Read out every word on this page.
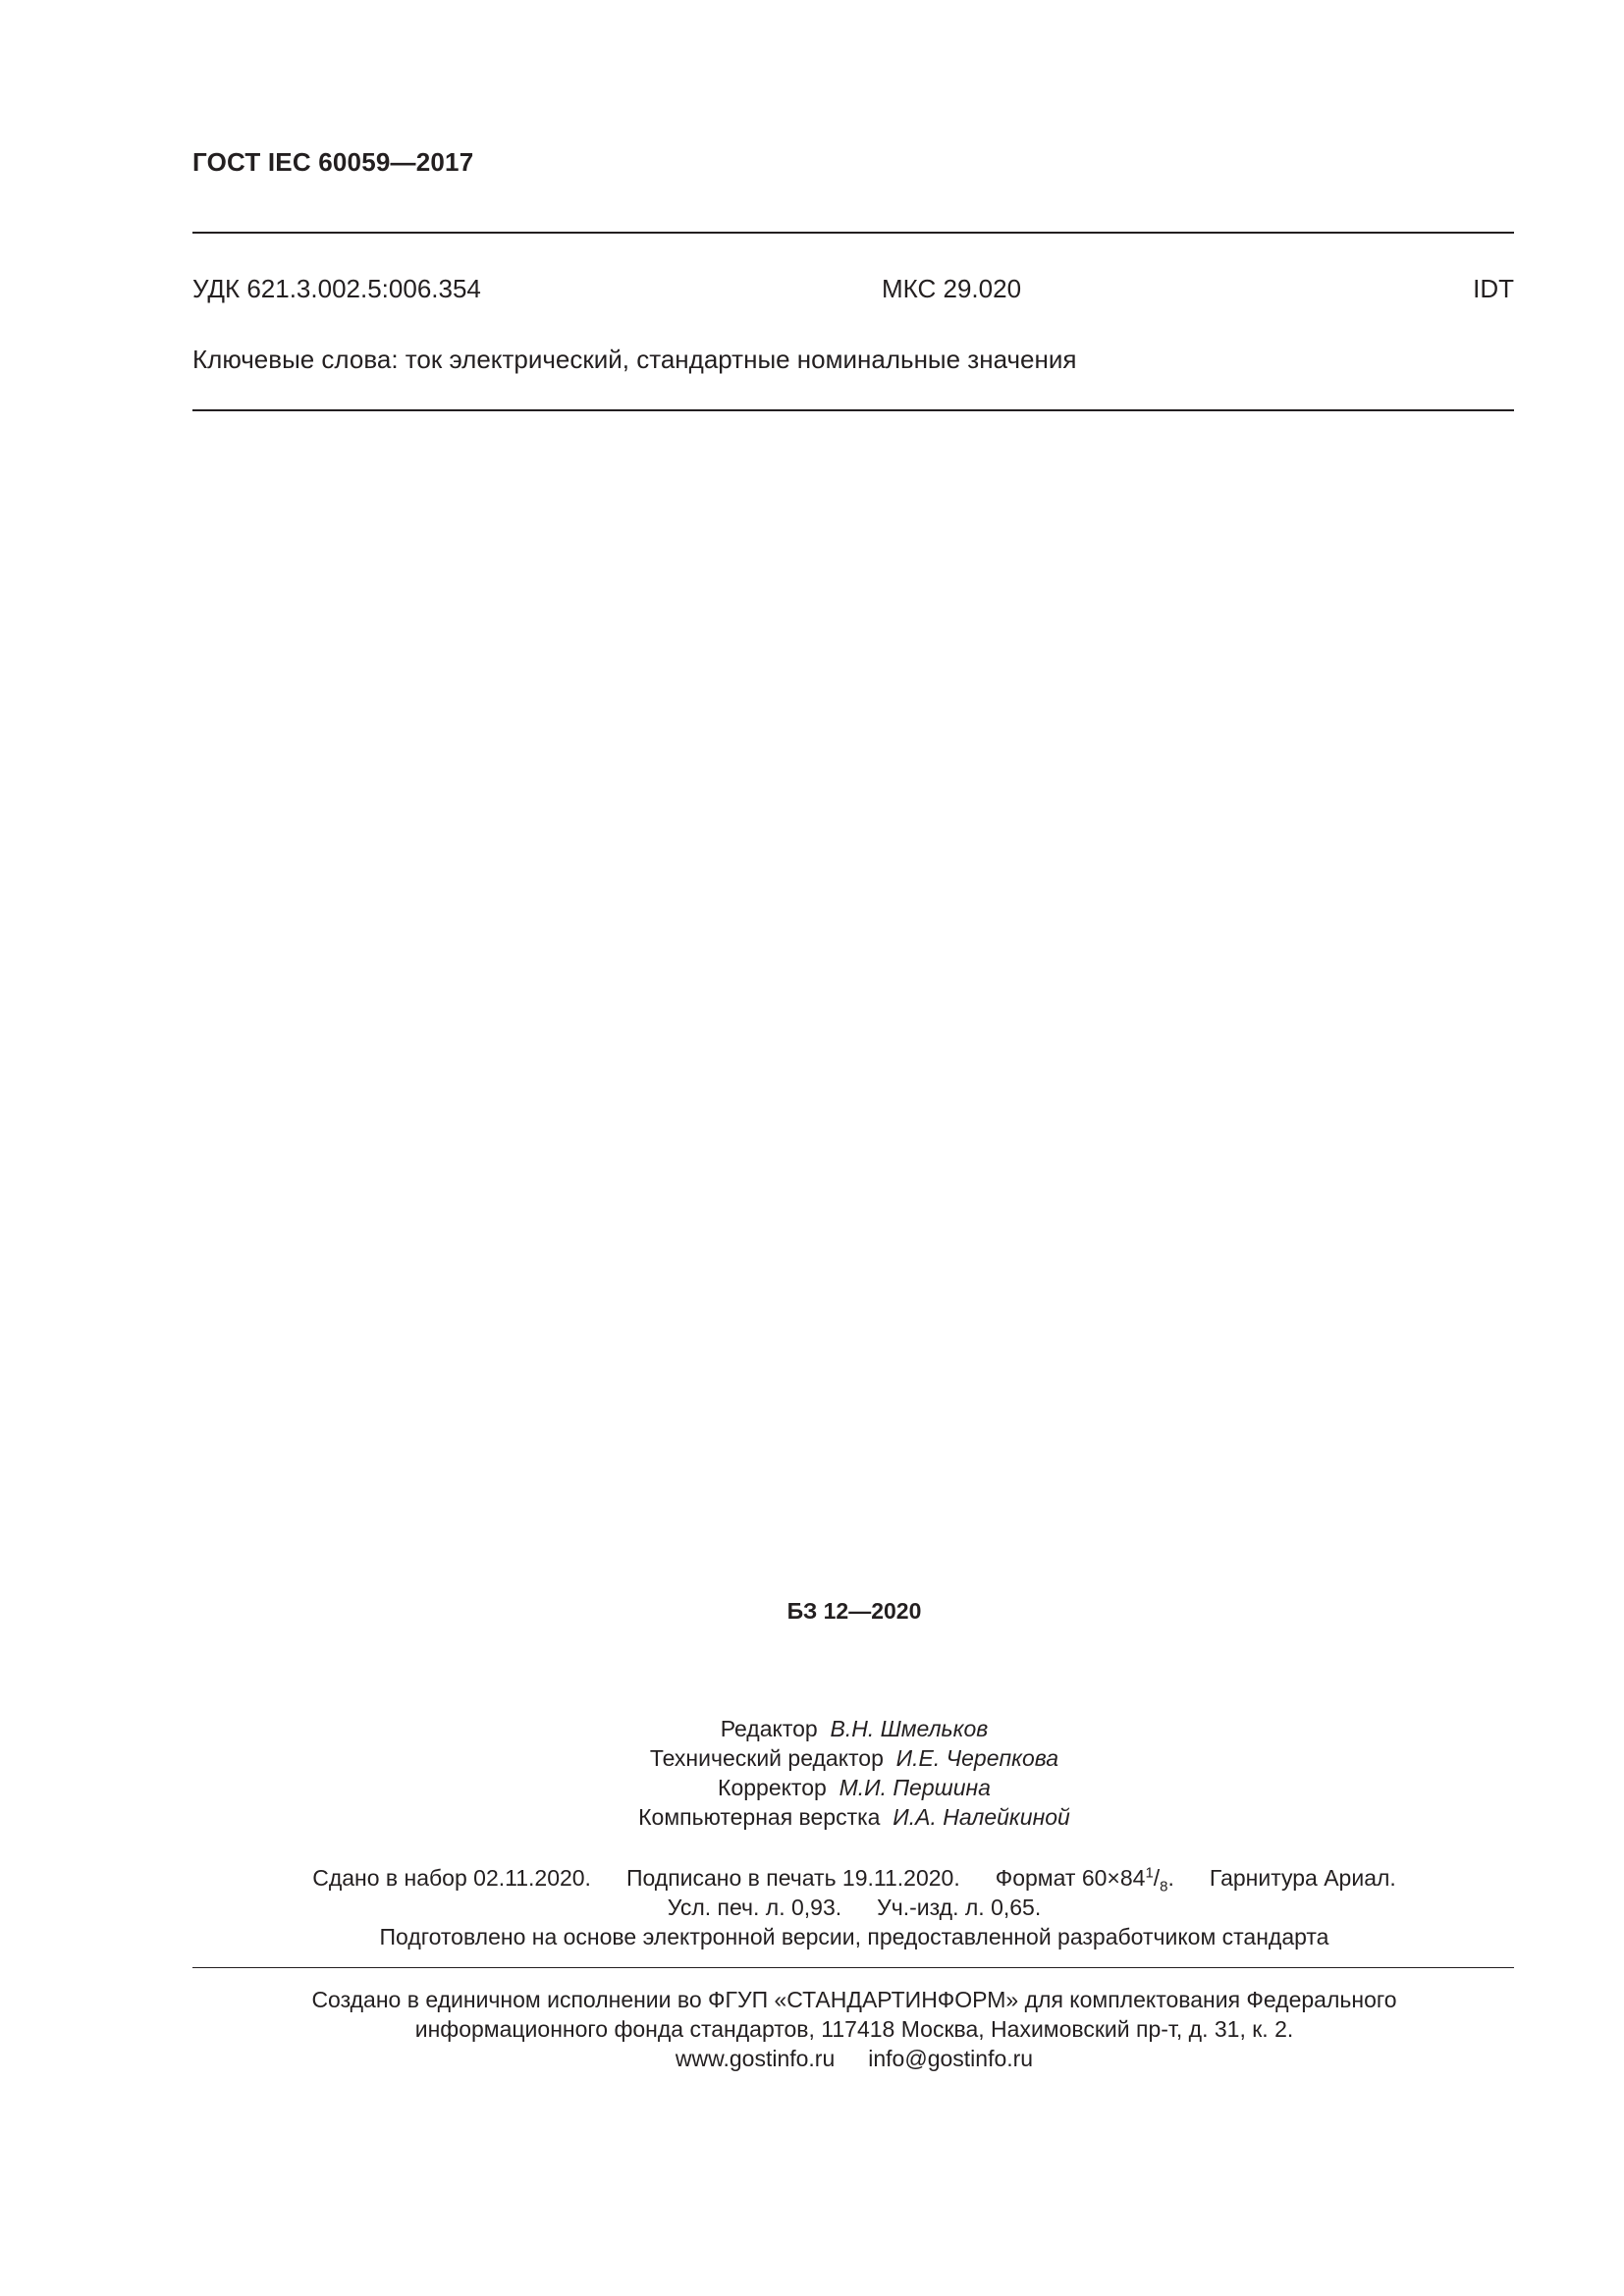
ГОСТ IEC 60059—2017
УДК 621.3.002.5:006.354	МКС 29.020	IDT
Ключевые слова: ток электрический, стандартные номинальные значения
БЗ 12—2020
Редактор В.Н. Шмельков
Технический редактор И.Е. Черепкова
Корректор М.И. Першина
Компьютерная верстка И.А. Налейкиной
Сдано в набор 02.11.2020. Подписано в печать 19.11.2020. Формат $60\times 84^1/_8$. Гарнитура Ариал.
Усл. печ. л. 0,93. Уч.-изд. л. 0,65.
Подготовлено на основе электронной версии, предоставленной разработчиком стандарта
Создано в единичном исполнении во ФГУП «СТАНДАРТИНФОРМ» для комплектования Федерального
информационного фонда стандартов, 117418 Москва, Нахимовский пр-т, д. 31, к. 2.
www.gostinfo.ru info@gostinfo.ru
